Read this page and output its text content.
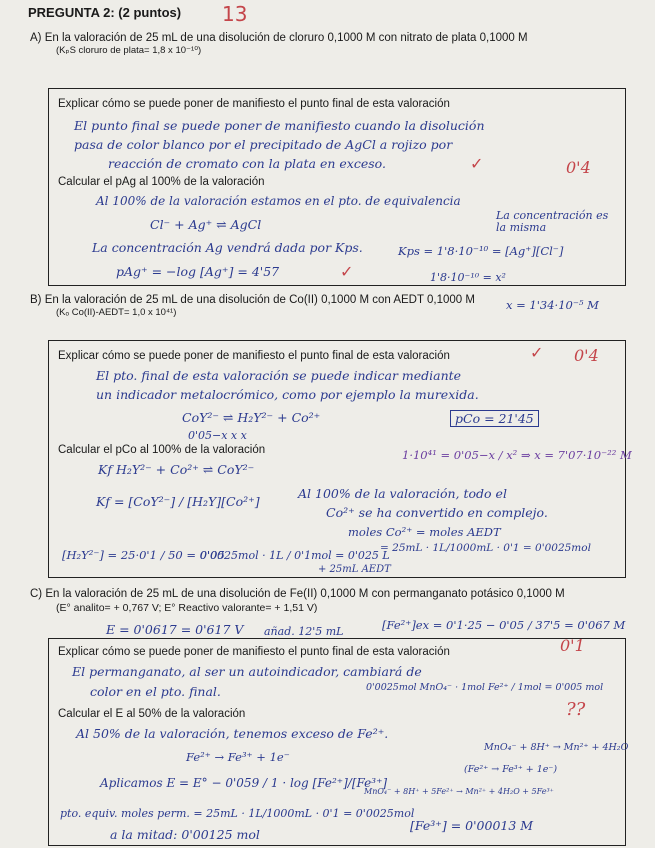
PREGUNTA 2: (2 puntos) 13
A) En la valoración de 25 mL de una disolución de cloruro 0,1000 M con nitrato de plata 0,1000 M
(KₚS cloruro de plata= 1,8 x 10⁻¹⁰)
Explicar cómo se puede poner de manifiesto el punto final de esta valoración
El punto final se puede poner de manifiesto cuando la disolución
pasa de color blanco por el precipitado de AgCl a rojizo por
reacción de cromato con la plata en exceso.	✓	0'4
Calcular el pAg al 100% de la valoración
Al 100% de la valoración estamos en el pto. de equivalencia
Cl⁻ + Ag⁺ ⇌ AgCl
La concentración Ag vendrá dada por Kps.
pAg⁺ = −log [Ag⁺] = 4'57	✓
La concentración es la misma
Kps = 1'8·10⁻¹⁰ = [Ag⁺][Cl⁻]
1'8·10⁻¹⁰ = x²
B) En la valoración de 25 mL de una disolución de Co(II) 0,1000 M con AEDT 0,1000 M
(Kₒ Co(II)-AEDT= 1,0 x 10⁴¹)
x = 1'34·10⁻⁵ M
Explicar cómo se puede poner de manifiesto el punto final de esta valoración	✓ 0'4
El pto. final de esta valoración se puede indicar mediante
un indicador metalocrómico, como por ejemplo la murexida.
CoY²⁻ ⇌ H₂Y²⁻ + Co²⁺
0'05−x x x
pCo = 21'45
Calcular el pCo al 100% de la valoración
Kf H₂Y²⁻ + Co²⁺ ⇌ CoY²⁻
1·10⁴¹ = 0'05−x / x² ⇒ x = 7'07·10⁻²² M
Kf = [CoY²⁻] / [H₂Y][Co²⁺]
Al 100% de la valoración, todo el
Co²⁺ se ha convertido en complejo.
moles Co²⁺ = moles AEDT
= 25mL · 1L/1000mL · 0'1 = 0'0025mol
[H₂Y²⁻] = 25·0'1 / 50 = 0'05
0'0025mol · 1L / 0'1mol = 0'025 L
+ 25mL AEDT
C) En la valoración de 25 mL de una disolución de Fe(II) 0,1000 M con permanganato potásico 0,1000 M
(E° analito= + 0,767 V; E° Reactivo valorante= + 1,51 V)
E = 0'0617 = 0'617 V añad. 12'5 mL	[Fe²⁺]ex = 0'1·25 − 0'05 / 37'5 = 0'067 M
Explicar cómo se puede poner de manifiesto el punto final de esta valoración	0'1
El permanganato, al ser un autoindicador, cambiará de
color en el pto. final.	0'0025mol MnO₄⁻ · 1mol Fe²⁺ / 1mol = 0'005 mol
Calcular el E al 50% de la valoración	??
Al 50% de la valoración, tenemos exceso de Fe²⁺.
Fe²⁺ → Fe³⁺ + 1e⁻
MnO₄⁻ + 8H⁺ → Mn²⁺ + 4H₂O
Aplicamos E = E° − 0'059 / 1 · log [Fe²⁺]/[Fe³⁺]
(Fe²⁺ → Fe³⁺ + 1e⁻)
MnO₄⁻ + 8H⁺ + 5Fe²⁺ → Mn²⁺ + 4H₂O + 5Fe³⁺
pto. equiv. moles perm. = 25mL · 1L/1000mL · 0'1 = 0'0025mol
a la mitad: 0'00125 mol
[Fe³⁺] = 0'00013 M
